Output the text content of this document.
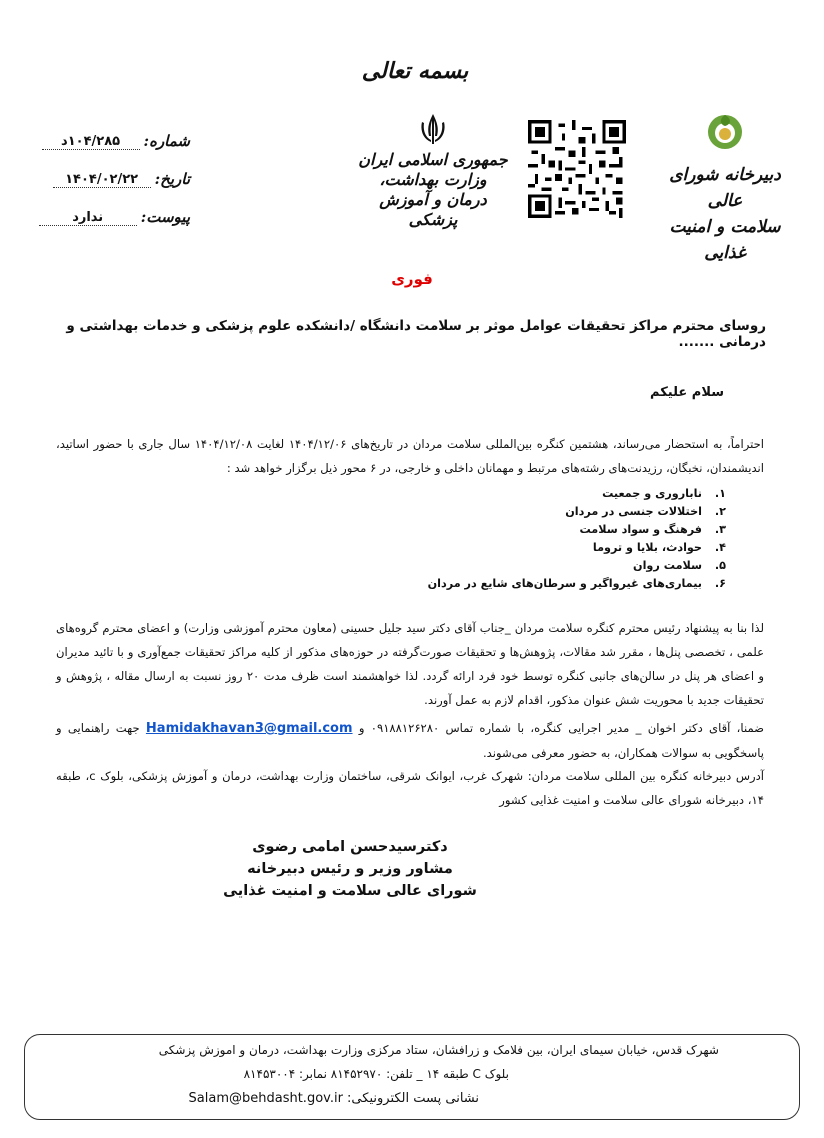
بسمه تعالی
دبیرخانه شورای عالی
سلامت و امنیت غذایی
جمهوری اسلامی ایران
وزارت بهداشت، درمان و آموزش پزشکی
شماره:
۱۰۴/۲۸۵د
تاریخ:
۱۴۰۴/۰۲/۲۲
پیوست:
ندارد
فوری
روسای محترم مراکز تحقیقات عوامل موثر بر سلامت دانشگاه /دانشکده علوم پزشکی و خدمات بهداشتی و درمانی .......
سلام علیکم
احتراماً، به استحضار می‌رساند، هشتمین کنگره بین‌المللی سلامت مردان در تاریخ‌های ۱۴۰۴/۱۲/۰۶ لغایت ۱۴۰۴/۱۲/۰۸ سال جاری با حضور اساتید، اندیشمندان، نخبگان، رزیدنت‌های رشته‌های مرتبط و مهمانان داخلی و خارجی، در ۶ محور ذیل برگزار خواهد شد :
۱.
ناباروری و جمعیت
۲.
اختلالات جنسی در مردان
۳.
فرهنگ و سواد سلامت
۴.
حوادث، بلایا و تروما
۵.
سلامت روان
۶.
بیماری‌های غیرواگیر و سرطان‌های شایع در مردان
لذا بنا به پیشنهاد رئیس محترم کنگره سلامت مردان _جناب آقای دکتر سید جلیل حسینی (معاون محترم آموزشی وزارت) و اعضای محترم گروه‌های علمی ، تخصصی پنل‌ها ، مقرر شد مقالات، پژوهش‌ها و تحقیقات صورت‌گرفته در حوزه‌های مذکور از کلیه مراکز تحقیقات جمع‌آوری و با تائید مدیران و اعضای هر پنل در سالن‌های جانبی کنگره توسط خود فرد ارائه گردد. لذا خواهشمند است ظرف مدت ۲۰ روز نسبت به ارسال مقاله ، پژوهش و تحقیقات جدید با محوریت شش عنوان مذکور، اقدام لازم به عمل آورند.
ضمنا، آقای دکتر اخوان _ مدیر اجرایی کنگره، با شماره تماس ۰۹۱۸۸۱۲۶۲۸۰ و Hamidakhavan3@gmail.com جهت راهنمایی و پاسخگویی به سوالات همکاران، به حضور معرفی می‌شوند.
آدرس دبیرخانه کنگره بین المللی سلامت مردان: شهرک غرب، ایوانک شرقی، ساختمان وزارت بهداشت، درمان و آموزش پزشکی، بلوک c، طبقه ۱۴، دبیرخانه شورای عالی سلامت و امنیت غذایی کشور
دکترسیدحسن امامی رضوی
مشاور وزیر و رئیس دبیرخانه
شورای عالی سلامت و امنیت غذایی
شهرک قدس، خیابان سیمای ایران، بین فلامک و زرافشان، ستاد مرکزی وزارت بهداشت، درمان و اموزش پزشکی
بلوک C طبقه ۱۴ _ تلفن: ۸۱۴۵۲۹۷۰ نمابر: ۸۱۴۵۳۰۰۴
نشانی پست الکترونیکی: Salam@behdasht.gov.ir
